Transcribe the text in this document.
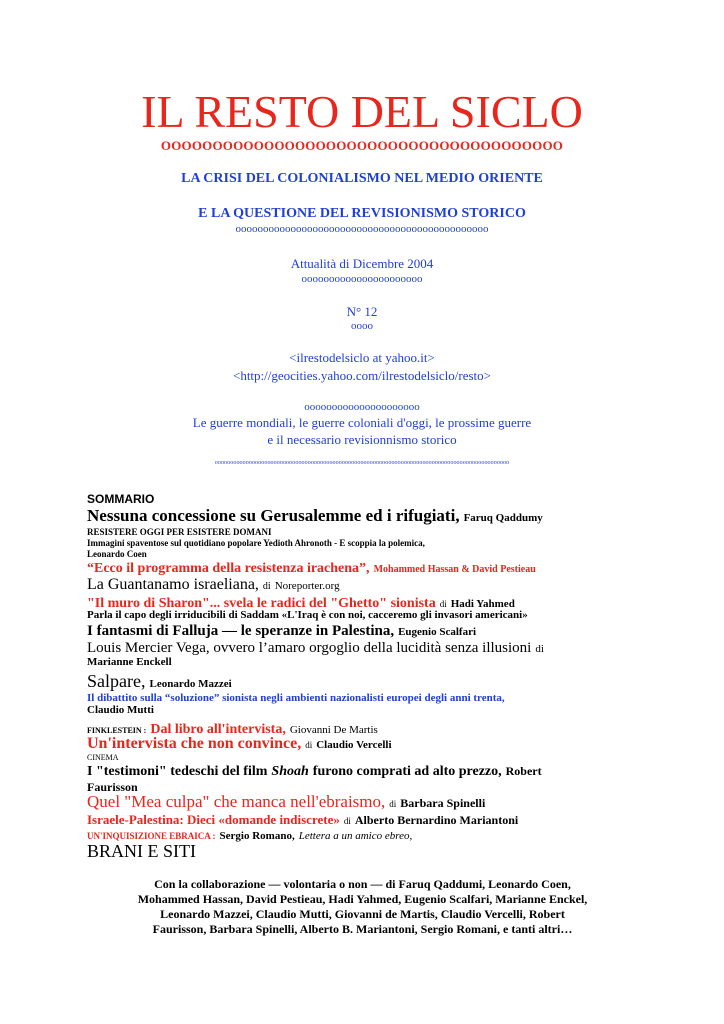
IL RESTO DEL SICLO
OOOOOOOOOOOOOOOOOOOOOOOOOOOOOOOOOOOOOOO
LA CRISI DEL COLONIALISMO NEL MEDIO ORIENTE
E LA QUESTIONE DEL REVISIONISMO STORICO
oooooooooooooooooooooooooooooooooooooooooooooo
Attualità di Dicembre 2004
oooooooooooooooooooooo
N° 12
oooo
<ilrestodelsiclo at yahoo.it>
<http://geocities.yahoo.com/ilrestodelsiclo/resto>
ooooooooooooooooooooo
Le guerre mondiali, le guerre coloniali d'oggi, le prossime guerre
e il necessario revisionnismo storico
ooooooooooooooooooooooooooooooooooooooooooooooooooooooooooooooooooooooooooooooooooooooooooooooo
SOMMARIO
Nessuna concessione su Gerusalemme ed i rifugiati, Faruq Qaddumy
RESISTERE OGGI PER ESISTERE DOMANI
Immagini spaventose sul quotidiano popolare Yedioth Ahronoth - E scoppia la polemica,
Leonardo Coen
“Ecco il programma della resistenza irachena”, Mohammed Hassan & David Pestieau
La Guantanamo israeliana, di Noreporter.org
"Il muro di Sharon"... svela le radici del "Ghetto" sionista di Hadi Yahmed
Parla il capo degli irriducibili di Saddam «L'Iraq è con noi, cacceremo gli invasori americani»
I fantasmi di Falluja — le speranze in Palestina, Eugenio Scalfari
Louis Mercier Vega, ovvero l’amaro orgoglio della lucidità senza illusioni di
Marianne Enckell
Salpare, Leonardo Mazzei
Il dibattito sulla “soluzione” sionista negli ambienti nazionalisti europei degli anni trenta,
Claudio Mutti
FINKLESTEIN : Dal libro all'intervista, Giovanni De Martis
Un'intervista che non convince, di Claudio Vercelli
CINEMA
I "testimoni" tedeschi del film Shoah furono comprati ad alto prezzo, Robert
Faurisson
Quel "Mea culpa" che manca nell'ebraismo, di Barbara Spinelli
Israele-Palestina: Dieci «domande indiscrete» di Alberto Bernardino Mariantoni
UN'INQUISIZIONE EBRAICA : Sergio Romano, Lettera a un amico ebreo,
BRANI E SITI
Con la collaborazione — volontaria o non — di Faruq Qaddumi, Leonardo Coen,
Mohammed Hassan, David Pestieau, Hadi Yahmed, Eugenio Scalfari, Marianne Enckel,
Leonardo Mazzei, Claudio Mutti, Giovanni de Martis, Claudio Vercelli, Robert
Faurisson, Barbara Spinelli, Alberto B. Mariantoni, Sergio Romani, e tanti altri…
